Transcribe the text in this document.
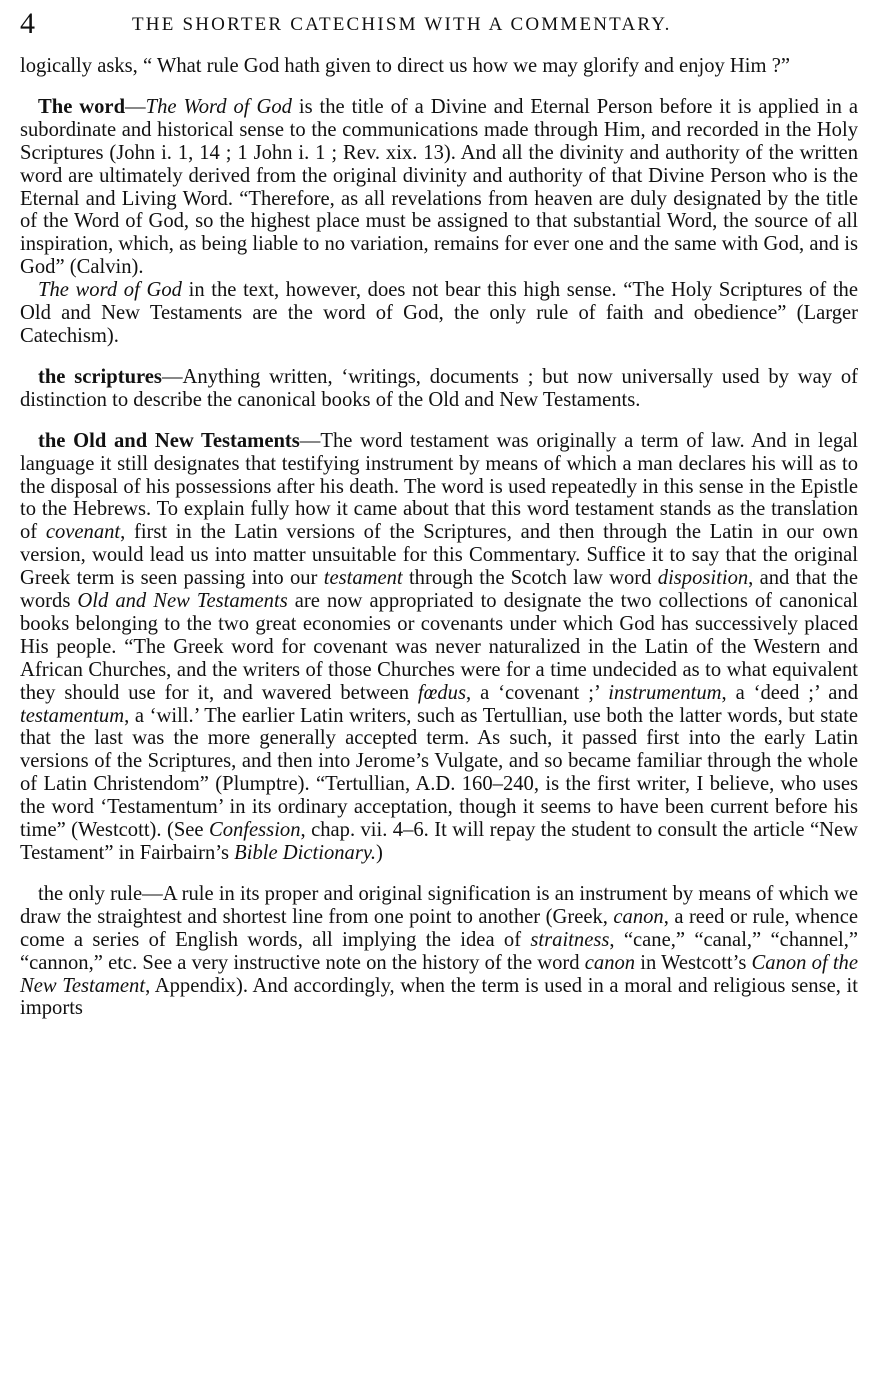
4	THE SHORTER CATECHISM WITH A COMMENTARY.

logically asks, “ What rule God hath given to direct us how we may glorify and enjoy Him ?”

The word—The Word of God is the title of a Divine and Eternal Person before it is applied in a subordinate and historical sense to the communications made through Him, and recorded in the Holy Scriptures (John i. 1, 14 ; 1 John i. 1 ; Rev. xix. 13). And all the divinity and authority of the written word are ultimately derived from the original divinity and authority of that Divine Person who is the Eternal and Living Word. “Therefore, as all revelations from heaven are duly designated by the title of the Word of God, so the highest place must be assigned to that substantial Word, the source of all inspiration, which, as being liable to no variation, remains for ever one and the same with God, and is God” (Calvin).

The word of God in the text, however, does not bear this high sense. “The Holy Scriptures of the Old and New Testaments are the word of God, the only rule of faith and obedience” (Larger Catechism).

the scriptures—Anything written, ‘writings, documents ; but now universally used by way of distinction to describe the canonical books of the Old and New Testaments.

the Old and New Testaments—The word testament was originally a term of law. And in legal language it still designates that testifying instrument by means of which a man declares his will as to the disposal of his possessions after his death. The word is used repeatedly in this sense in the Epistle to the Hebrews. To explain fully how it came about that this word testament stands as the translation of covenant, first in the Latin versions of the Scriptures, and then through the Latin in our own version, would lead us into matter unsuitable for this Commentary. Suffice it to say that the original Greek term is seen passing into our testament through the Scotch law word disposition, and that the words Old and New Testaments are now appropriated to designate the two collections of canonical books belonging to the two great economies or covenants under which God has successively placed His people. “The Greek word for covenant was never naturalized in the Latin of the Western and African Churches, and the writers of those Churches were for a time undecided as to what equivalent they should use for it, and wavered between fœdus, a ‘covenant ;’ instrumentum, a ‘deed ;’ and testamentum, a ‘will.’ The earlier Latin writers, such as Tertullian, use both the latter words, but state that the last was the more generally accepted term. As such, it passed first into the early Latin versions of the Scriptures, and then into Jerome’s Vulgate, and so became familiar through the whole of Latin Christendom” (Plumptre). “Tertullian, A.D. 160–240, is the first writer, I believe, who uses the word ‘Testamentum’ in its ordinary acceptation, though it seems to have been current before his time” (Westcott). (See Confession, chap. vii. 4–6. It will repay the student to consult the article “New Testament” in Fairbairn’s Bible Dictionary.)

the only rule—A rule in its proper and original signification is an instrument by means of which we draw the straightest and shortest line from one point to another (Greek, canon, a reed or rule, whence come a series of English words, all implying the idea of straitness, “cane,” “canal,” “channel,” “cannon,” etc. See a very instructive note on the history of the word canon in Westcott’s Canon of the New Testament, Appendix). And accordingly, when the term is used in a moral and religious sense, it imports
